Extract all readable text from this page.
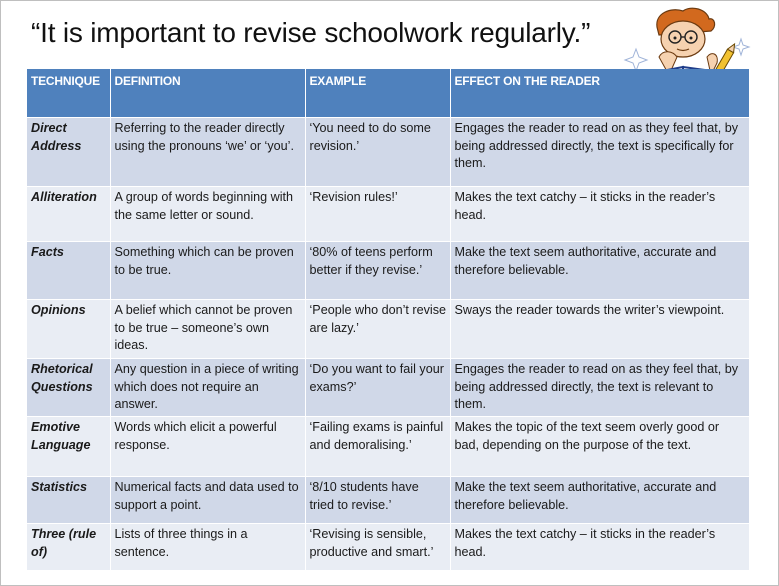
“It is important to revise schoolwork regularly.”
TECHNIQUE	DEFINITION	EXAMPLE	EFFECT ON THE READER
Direct Address	Referring to the reader directly using the pronouns ‘we’ or ‘you’.	‘You need to do some revision.’	Engages the reader to read on as they feel that, by being addressed directly, the text is specifically for them.
Alliteration	A group of words beginning with the same letter or sound.	‘Revision rules!’	Makes the text catchy – it sticks in the reader’s head.
Facts	Something which can be proven to be true.	‘80% of teens perform better if they revise.’	Make the text seem authoritative, accurate and therefore believable.
Opinions	A belief which cannot be proven to be true – someone’s own ideas.	‘People who don’t revise are lazy.’	Sways the reader towards the writer’s viewpoint.
Rhetorical Questions	Any question in a piece of writing which does not require an answer.	‘Do you want to fail your exams?’	Engages the reader to read on as they feel that, by being addressed directly, the text is relevant to them.
Emotive Language	Words which elicit a powerful response.	‘Failing exams is painful and demoralising.’	Makes the topic of the text seem overly good or bad, depending on the purpose of the text.
Statistics	Numerical facts and data used to support a point.	‘8/10 students have tried to revise.’	Make the text seem authoritative, accurate and therefore believable.
Three (rule of)	Lists of three things in a sentence.	‘Revising is sensible, productive and smart.’	Makes the text catchy – it sticks in the reader’s head.
